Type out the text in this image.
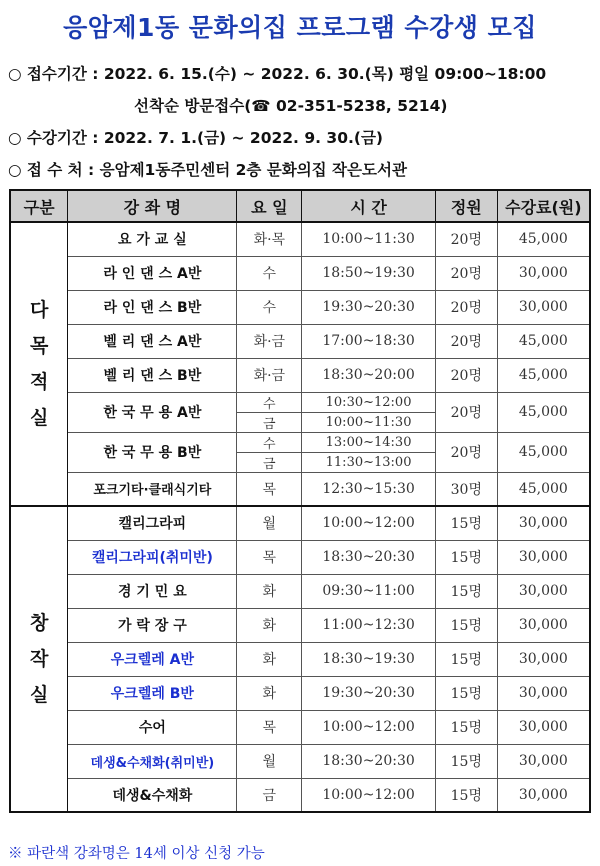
응암제1동 문화의집 프로그램 수강생 모집
○ 접수기간 : 2022. 6. 15.(수) ~ 2022. 6. 30.(목) 평일 09:00~18:00
선착순 방문접수(☎ 02-351-5238, 5214)
○ 수강기간 : 2022. 7. 1.(금) ~ 2022. 9. 30.(금)
○ 접 수 처 : 응암제1동주민센터 2층 문화의집 작은도서관
구분	강 좌 명	요 일	시 간	정원	수강료(원)
다
목
적
실	요 가 교 실	화·목	10:00~11:30	20명	45,000
	라 인 댄 스 A반	수	18:50~19:30	20명	30,000
	라 인 댄 스 B반	수	19:30~20:30	20명	30,000
	벨 리 댄 스 A반	화·금	17:00~18:30	20명	45,000
	벨 리 댄 스 B반	화·금	18:30~20:00	20명	45,000
	한 국 무 용 A반	수	10:30~12:00	20명	45,000
		금	10:00~11:30		
	한 국 무 용 B반	수	13:00~14:30	20명	45,000
		금	11:30~13:00		
	포크기타·클래식기타	목	12:30~15:30	30명	45,000
창
작
실	캘리그라피	월	10:00~12:00	15명	30,000
	캘리그라피(취미반)	목	18:30~20:30	15명	30,000
	경 기 민 요	화	09:30~11:00	15명	30,000
	가 락 장 구	화	11:00~12:30	15명	30,000
	우크렐레 A반	화	18:30~19:30	15명	30,000
	우크렐레 B반	화	19:30~20:30	15명	30,000
	수어	목	10:00~12:00	15명	30,000
	데생&수채화(취미반)	월	18:30~20:30	15명	30,000
	데생&수채화	금	10:00~12:00	15명	30,000
※ 파란색 강좌명은 14세 이상 신청 가능
